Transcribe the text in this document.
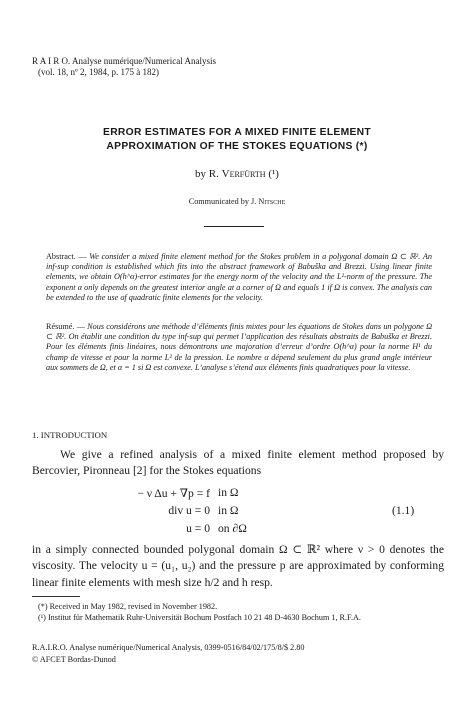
R A I R O. Analyse numérique/Numerical Analysis
(vol. 18, nº 2, 1984, p. 175 à 182)
ERROR ESTIMATES FOR A MIXED FINITE ELEMENT
APPROXIMATION OF THE STOKES EQUATIONS (*)
by R. Verfürth (¹)
Communicated by J. Nitsche
Abstract. — We consider a mixed finite element method for the Stokes problem in a polygonal domain Ω ⊂ ℝ². An inf-sup condition is established which fits into the abstract framework of Babuška and Brezzi. Using linear finite elements, we obtain O(h^α)-error estimates for the energy norm of the velocity and the L²-norm of the pressure. The exponent α only depends on the greatest interior angle at a corner of Ω and equals 1 if Ω is convex. The analysis can be extended to the use of quadratic finite elements for the velocity.
Résumé. — Nous considérons une méthode d’éléments finis mixtes pour les équations de Stokes dans un polygone Ω ⊂ ℝ². On établit une condition du type inf-sup qui permet l’application des résultats abstraits de Babuška et Brezzi. Pour les éléments finis linéaires, nous démontrons une majoration d’erreur d’ordre O(h^α) pour la norme H¹ du champ de vitesse et pour la norme L² de la pression. Le nombre α dépend seulement du plus grand angle intérieur aux sommets de Ω, et α = 1 si Ω est convexe. L’analyse s’étend aux éléments finis quadratiques pour la vitesse.
1. INTRODUCTION
We give a refined analysis of a mixed finite element method proposed by Bercovier, Pironneau [2] for the Stokes equations
− ν Δu + ∇p = f in Ω
div u = 0 in Ω	(1.1)
u = 0 on ∂Ω
in a simply connected bounded polygonal domain Ω ⊂ ℝ² where ν > 0 denotes the viscosity. The velocity u = (u₁, u₂) and the pressure p are approximated by conforming linear finite elements with mesh size h/2 and h resp.
(*) Received in May 1982, revised in November 1982.
(¹) Institut für Mathematik Ruhr-Universität Bochum Postfach 10 21 48 D-4630 Bochum 1, R.F.A.
R.A.I.R.O. Analyse numérique/Numerical Analysis, 0399-0516/84/02/175/8/$ 2.80
© AFCET Bordas-Dunod
